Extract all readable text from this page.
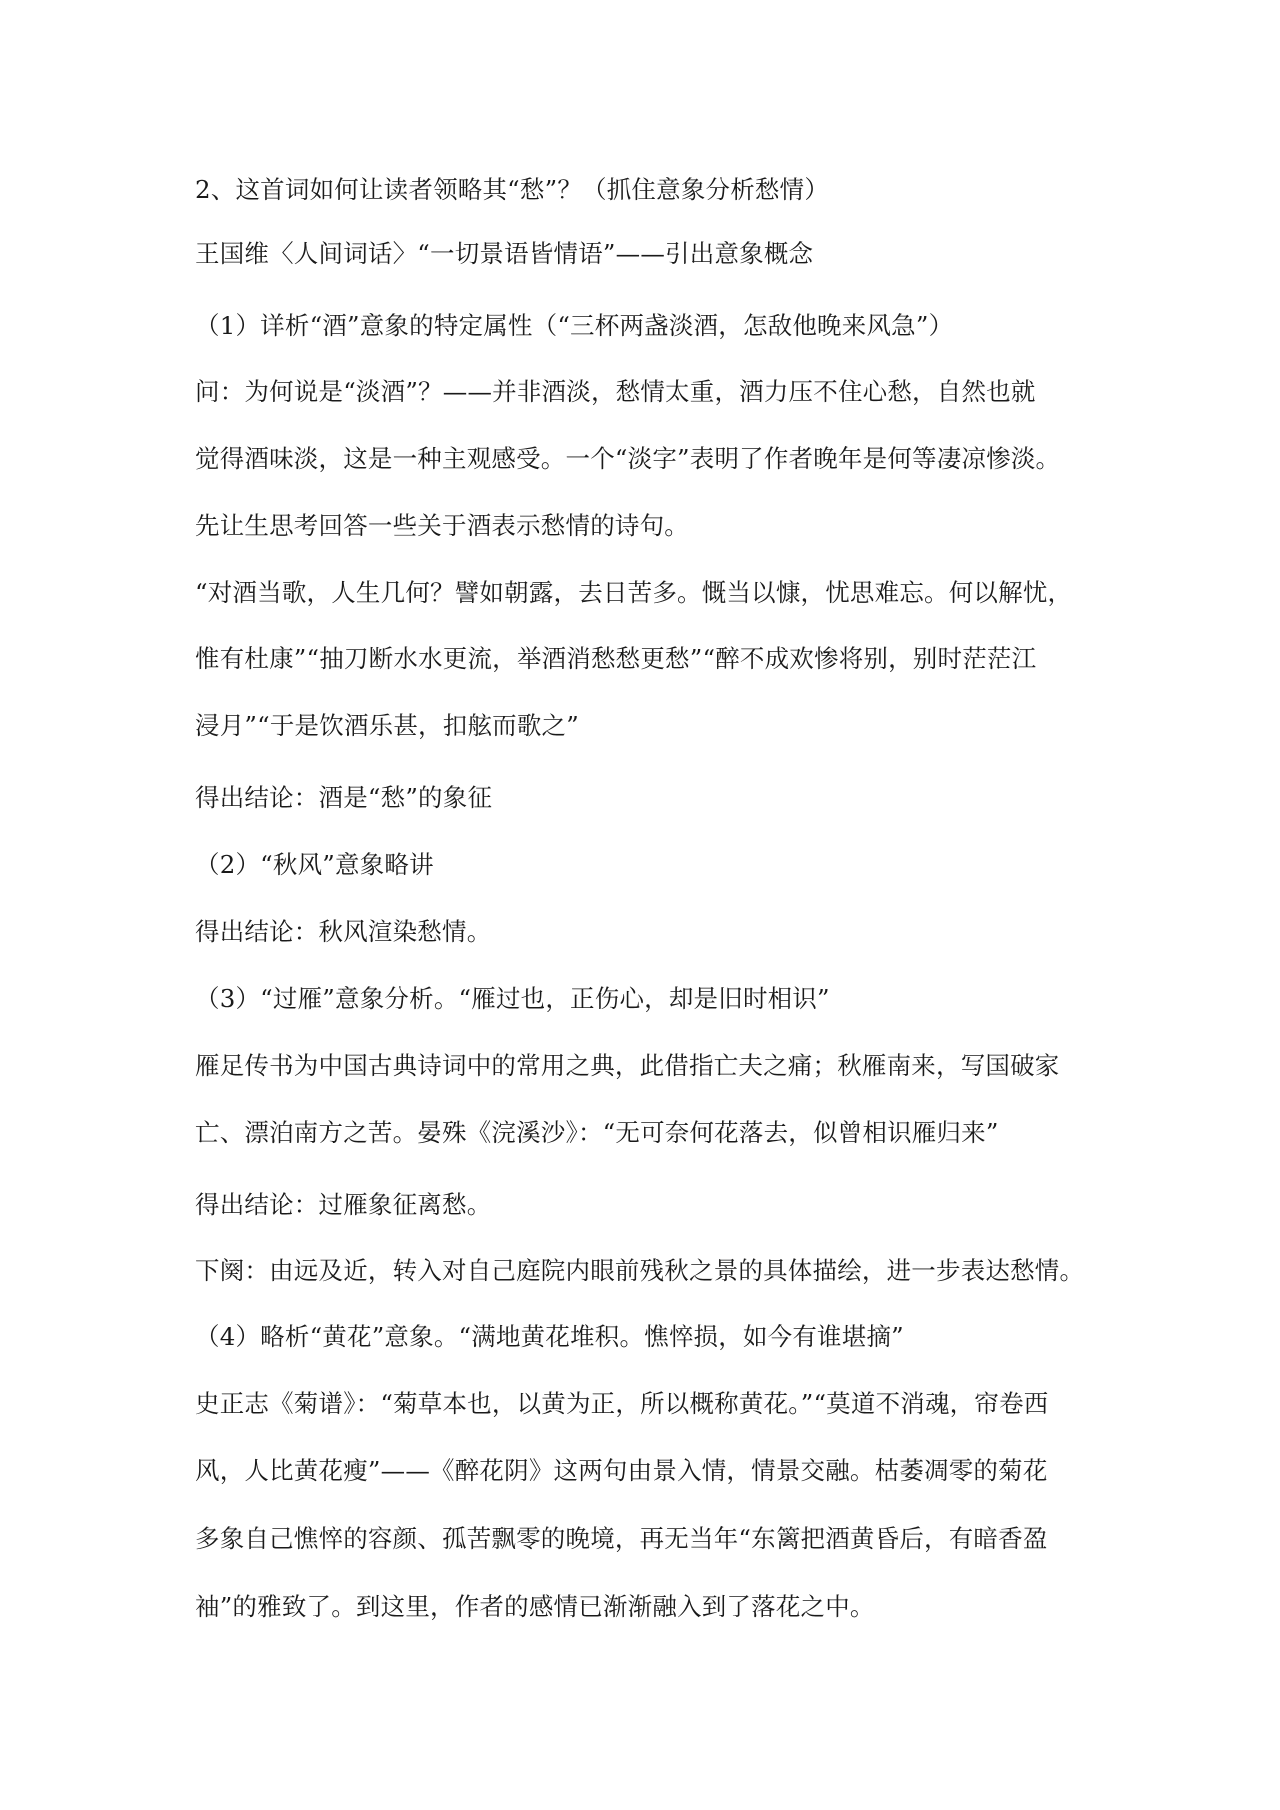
2、这首词如何让读者领略其“愁”？（抓住意象分析愁情）
王国维〈人间词话〉“一切景语皆情语”——引出意象概念
（1）详析“酒”意象的特定属性（“三杯两盏淡酒，怎敌他晚来风急”）
问：为何说是“淡酒”？——并非酒淡，愁情太重，酒力压不住心愁，自然也就
觉得酒味淡，这是一种主观感受。一个“淡字”表明了作者晚年是何等凄凉惨淡。
先让生思考回答一些关于酒表示愁情的诗句。
“对酒当歌，人生几何？譬如朝露，去日苦多。慨当以慷，忧思难忘。何以解忧，
惟有杜康”“抽刀断水水更流，举酒消愁愁更愁”“醉不成欢惨将别，别时茫茫江
浸月”“于是饮酒乐甚，扣舷而歌之”
得出结论：酒是“愁”的象征
（2）“秋风”意象略讲
得出结论：秋风渲染愁情。
（3）“过雁”意象分析。“雁过也，正伤心，却是旧时相识”
雁足传书为中国古典诗词中的常用之典，此借指亡夫之痛；秋雁南来，写国破家
亡、漂泊南方之苦。晏殊《浣溪沙》：“无可奈何花落去，似曾相识雁归来”
得出结论：过雁象征离愁。
下阕：由远及近，转入对自己庭院内眼前残秋之景的具体描绘，进一步表达愁情。
（4）略析“黄花”意象。“满地黄花堆积。憔悴损，如今有谁堪摘”
史正志《菊谱》：“菊草本也，以黄为正，所以概称黄花。”“莫道不消魂，帘卷西
风，人比黄花瘦”——《醉花阴》这两句由景入情，情景交融。枯萎凋零的菊花
多象自己憔悴的容颜、孤苦飘零的晚境，再无当年“东篱把酒黄昏后，有暗香盈
袖”的雅致了。到这里，作者的感情已渐渐融入到了落花之中。
